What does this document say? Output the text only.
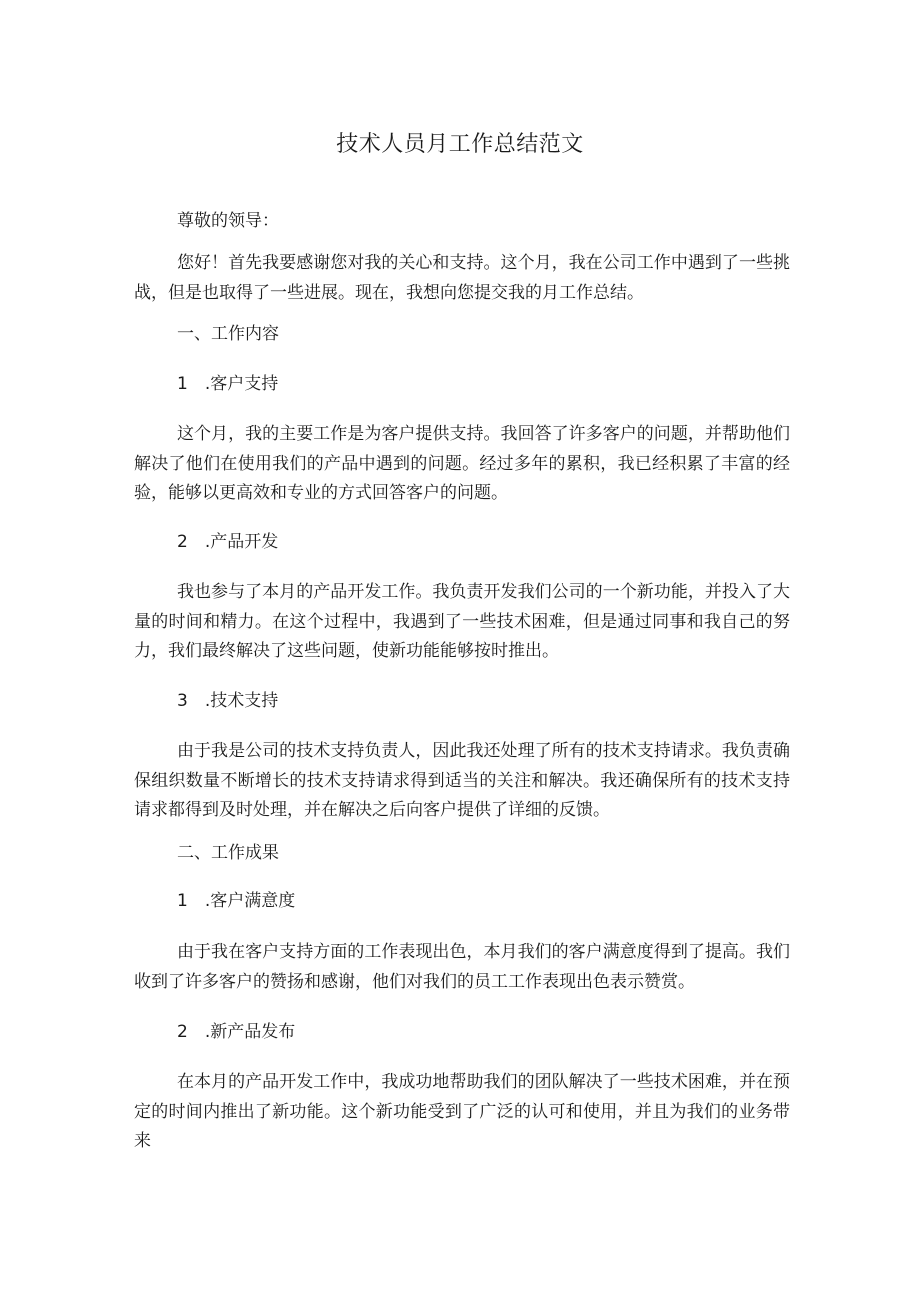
技术人员月工作总结范文

尊敬的领导：

您好！首先我要感谢您对我的关心和支持。这个月，我在公司工作中遇到了一些挑战，但是也取得了一些进展。现在，我想向您提交我的月工作总结。

一、工作内容

1　.客户支持

这个月，我的主要工作是为客户提供支持。我回答了许多客户的问题，并帮助他们解决了他们在使用我们的产品中遇到的问题。经过多年的累积，我已经积累了丰富的经验，能够以更高效和专业的方式回答客户的问题。

2　.产品开发

我也参与了本月的产品开发工作。我负责开发我们公司的一个新功能，并投入了大量的时间和精力。在这个过程中，我遇到了一些技术困难，但是通过同事和我自己的努力，我们最终解决了这些问题，使新功能能够按时推出。

3　.技术支持

由于我是公司的技术支持负责人，因此我还处理了所有的技术支持请求。我负责确保组织数量不断增长的技术支持请求得到适当的关注和解决。我还确保所有的技术支持请求都得到及时处理，并在解决之后向客户提供了详细的反馈。

二、工作成果

1　.客户满意度

由于我在客户支持方面的工作表现出色，本月我们的客户满意度得到了提高。我们收到了许多客户的赞扬和感谢，他们对我们的员工工作表现出色表示赞赏。

2　.新产品发布

在本月的产品开发工作中，我成功地帮助我们的团队解决了一些技术困难，并在预定的时间内推出了新功能。这个新功能受到了广泛的认可和使用，并且为我们的业务带来
